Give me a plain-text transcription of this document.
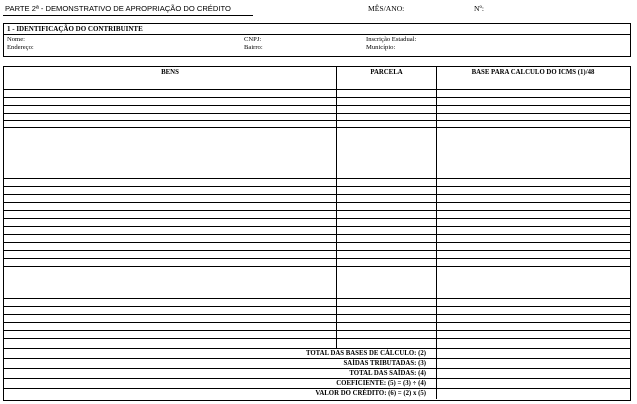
PARTE 2ª - DEMONSTRATIVO DE APROPRIAÇÃO DO CRÉDITO	MÊS/ANO:	Nº:
1 - IDENTIFICAÇÃO DO CONTRIBUINTE
Nome:	CNPJ:	Inscrição Estadual:
Endereço:	Bairro:	Município:
BENS	PARCELA	BASE PARA CALCULO DO ICMS (1)/48
TOTAL DAS BASES DE CÁLCULO: (2)
SAÍDAS TRIBUTADAS: (3)
TOTAL DAS SAÍDAS: (4)
COEFICIENTE: (5) = (3) ÷ (4)
VALOR DO CRÉDITO: (6) = (2) x (5)
